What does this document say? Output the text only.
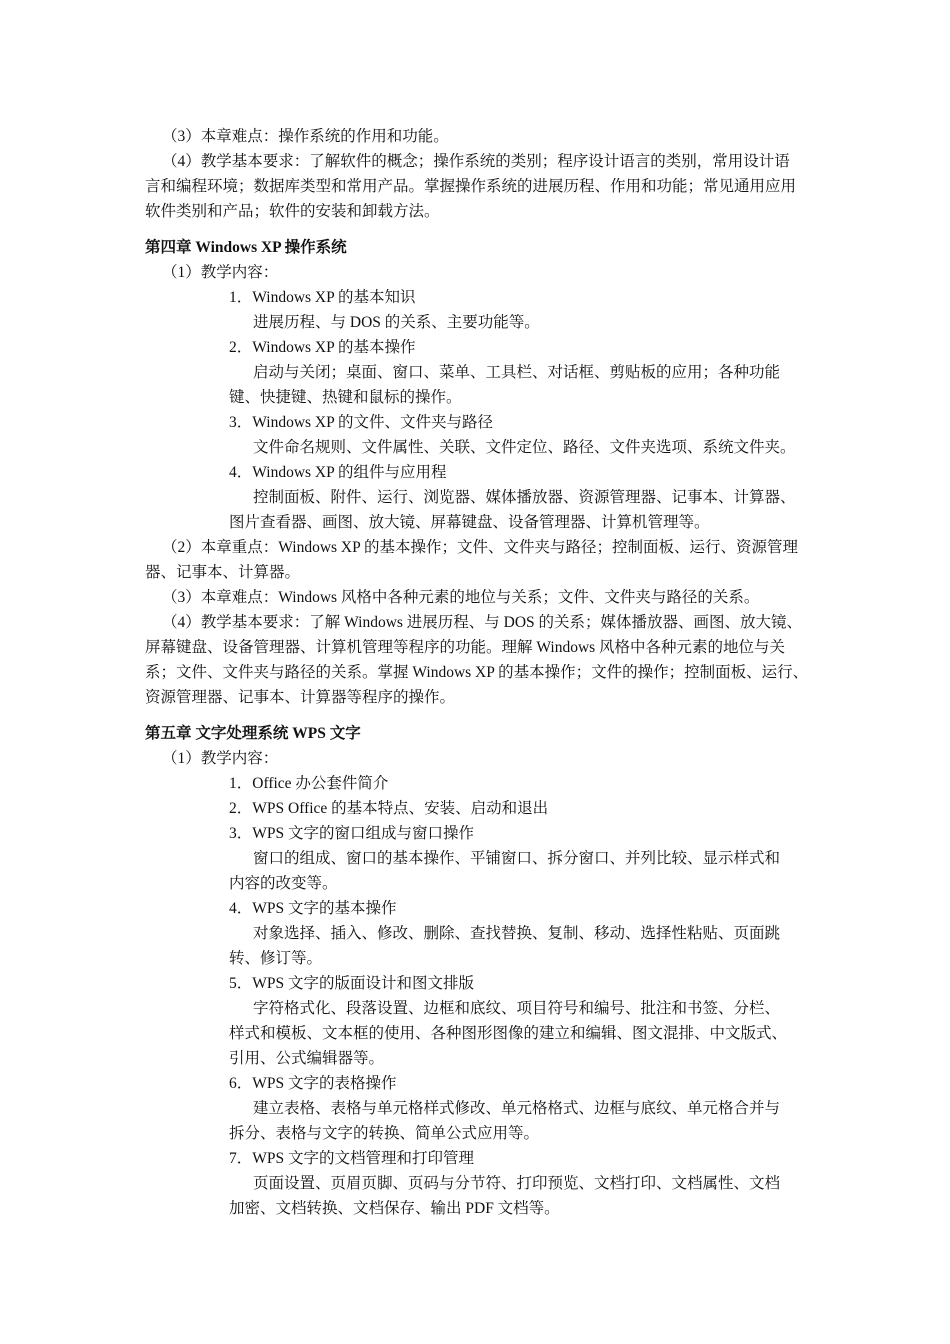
（3）本章难点：操作系统的作用和功能。
（4）教学基本要求：了解软件的概念；操作系统的类别；程序设计语言的类别，常用设计语
言和编程环境；数据库类型和常用产品。掌握操作系统的进展历程、作用和功能；常见通用应用
软件类别和产品；软件的安装和卸载方法。
第四章 Windows XP 操作系统
（1）教学内容：
1．Windows XP 的基本知识
进展历程、与 DOS 的关系、主要功能等。
2．Windows XP 的基本操作
启动与关闭；桌面、窗口、菜单、工具栏、对话框、剪贴板的应用；各种功能
键、快捷键、热键和鼠标的操作。
3．Windows XP 的文件、文件夹与路径
文件命名规则、文件属性、关联、文件定位、路径、文件夹选项、系统文件夹。
4．Windows XP 的组件与应用程
控制面板、附件、运行、浏览器、媒体播放器、资源管理器、记事本、计算器、
图片查看器、画图、放大镜、屏幕键盘、设备管理器、计算机管理等。
（2）本章重点：Windows XP 的基本操作；文件、文件夹与路径；控制面板、运行、资源管理
器、记事本、计算器。
（3）本章难点：Windows 风格中各种元素的地位与关系；文件、文件夹与路径的关系。
（4）教学基本要求：了解 Windows 进展历程、与 DOS 的关系；媒体播放器、画图、放大镜、
屏幕键盘、设备管理器、计算机管理等程序的功能。理解 Windows 风格中各种元素的地位与关
系；文件、文件夹与路径的关系。掌握 Windows XP 的基本操作；文件的操作；控制面板、运行、
资源管理器、记事本、计算器等程序的操作。
第五章 文字处理系统 WPS 文字
（1）教学内容：
1．Office 办公套件简介
2．WPS Office 的基本特点、安装、启动和退出
3．WPS 文字的窗口组成与窗口操作
窗口的组成、窗口的基本操作、平铺窗口、拆分窗口、并列比较、显示样式和
内容的改变等。
4．WPS 文字的基本操作
对象选择、插入、修改、删除、查找替换、复制、移动、选择性粘贴、页面跳
转、修订等。
5．WPS 文字的版面设计和图文排版
字符格式化、段落设置、边框和底纹、项目符号和编号、批注和书签、分栏、
样式和模板、文本框的使用、各种图形图像的建立和编辑、图文混排、中文版式、
引用、公式编辑器等。
6．WPS 文字的表格操作
建立表格、表格与单元格样式修改、单元格格式、边框与底纹、单元格合并与
拆分、表格与文字的转换、简单公式应用等。
7．WPS 文字的文档管理和打印管理
页面设置、页眉页脚、页码与分节符、打印预览、文档打印、文档属性、文档
加密、文档转换、文档保存、输出 PDF 文档等。
